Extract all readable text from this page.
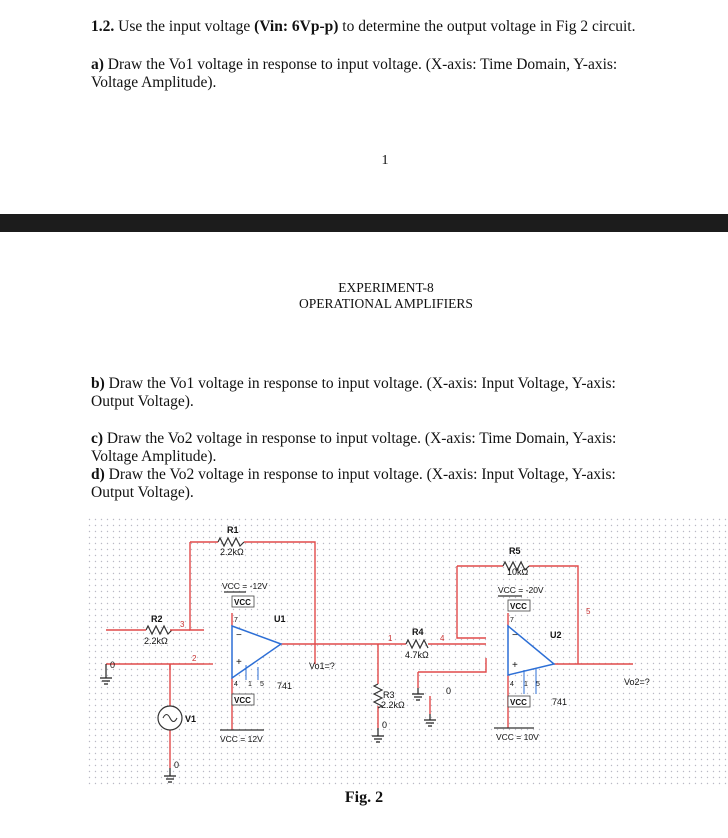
1.2. Use the input voltage (Vin: 6Vp-p) to determine the output voltage in Fig 2 circuit.
a) Draw the Vo1 voltage in response to input voltage. (X-axis: Time Domain, Y-axis:
Voltage Amplitude).
1
EXPERIMENT-8
OPERATIONAL AMPLIFIERS
b) Draw the Vo1 voltage in response to input voltage. (X-axis: Input Voltage, Y-axis:
Output Voltage).
c) Draw the Vo2 voltage in response to input voltage. (X-axis: Time Domain, Y-axis:
Voltage Amplitude).
d) Draw the Vo2 voltage in response to input voltage. (X-axis: Input Voltage, Y-axis:
Output Voltage).
0
0
0
0
R1
2.2kΩ
R2
2.2kΩ
R3
2.2kΩ
R4
4.7kΩ
R5
10kΩ
−
+
U1
741
7
4 1 5
−
+
U2
741
7
4 1 5
V1
VCC = -12V
VCC
VCC
VCC = 12V
VCC = -20V
VCC
VCC
VCC = 10V
1
2
3
4
5
Vo1=?
Vo2=?
Fig. 2
